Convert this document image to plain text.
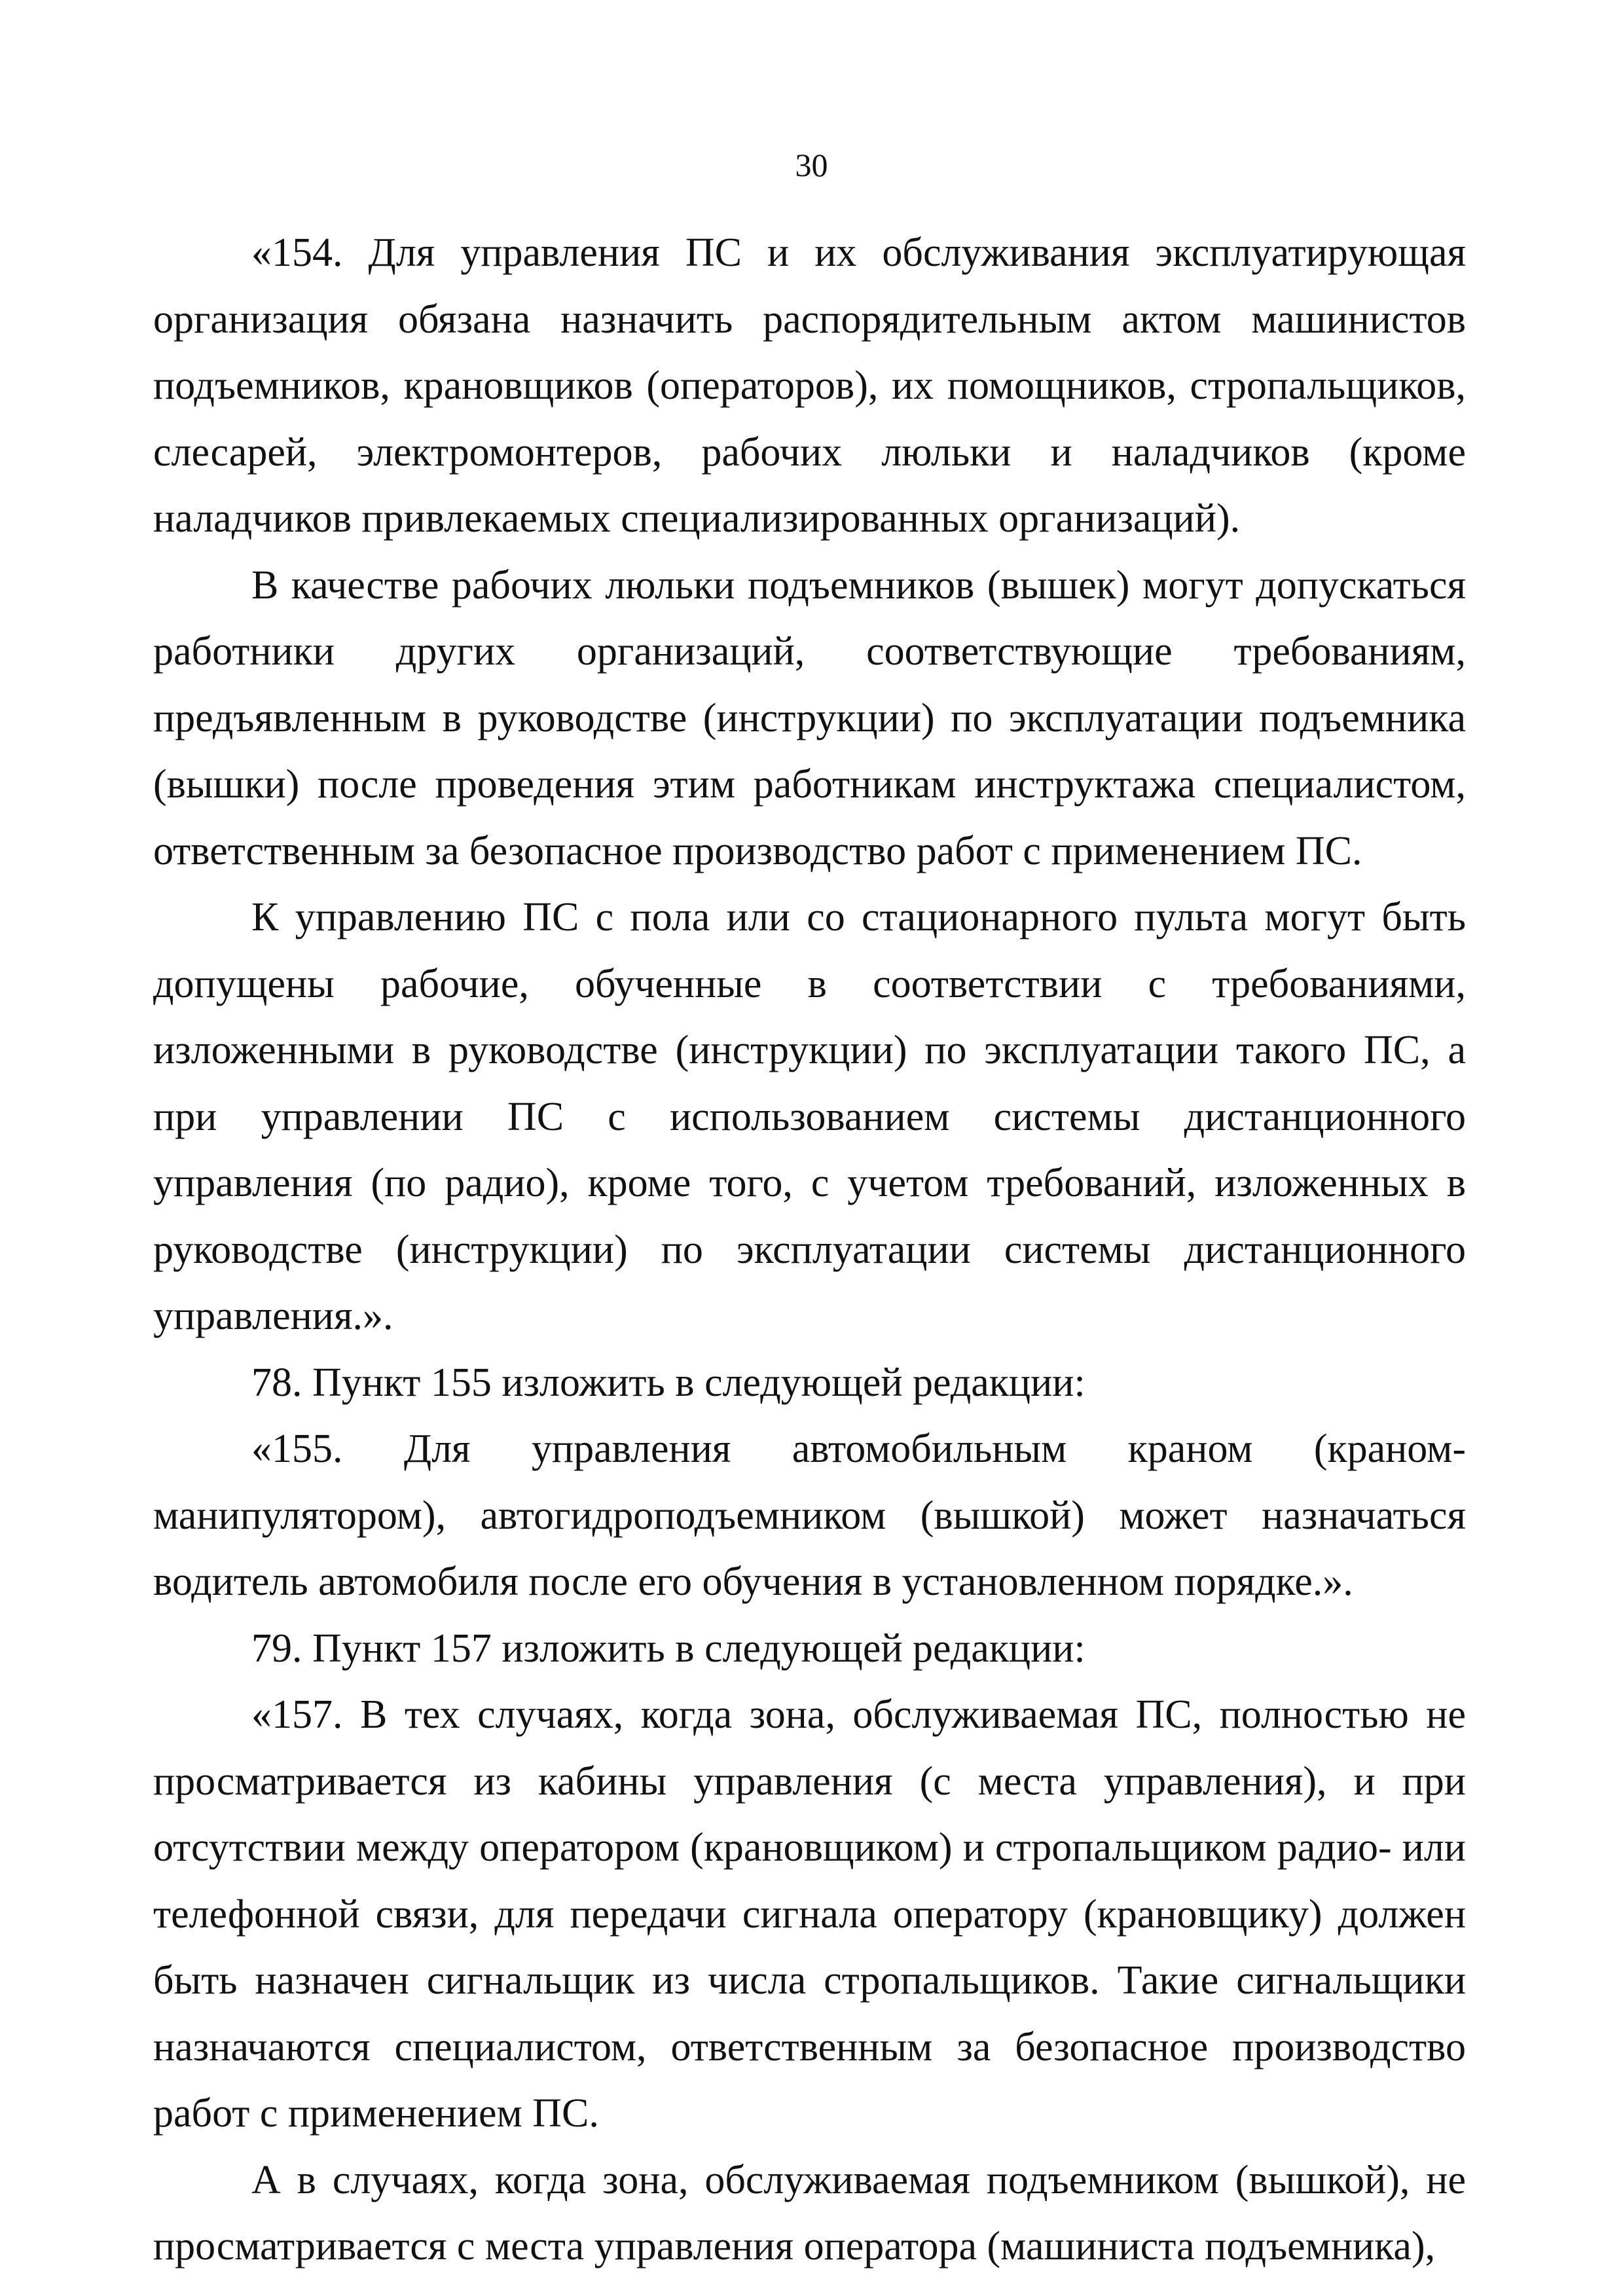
30

«154. Для управления ПС и их обслуживания эксплуатирующая организация обязана назначить распорядительным актом машинистов подъемников, крановщиков (операторов), их помощников, стропальщиков, слесарей, электромонтеров, рабочих люльки и наладчиков (кроме наладчиков привлекаемых специализированных организаций).

В качестве рабочих люльки подъемников (вышек) могут допускаться работники других организаций, соответствующие требованиям, предъявленным в руководстве (инструкции) по эксплуатации подъемника (вышки) после проведения этим работникам инструктажа специалистом, ответственным за безопасное производство работ с применением ПС.

К управлению ПС с пола или со стационарного пульта могут быть допущены рабочие, обученные в соответствии с требованиями, изложенными в руководстве (инструкции) по эксплуатации такого ПС, а при управлении ПС с использованием системы дистанционного управления (по радио), кроме того, с учетом требований, изложенных в руководстве (инструкции) по эксплуатации системы дистанционного управления.».

78. Пункт 155 изложить в следующей редакции:

«155. Для управления автомобильным краном (краном-манипулятором), автогидроподъемником (вышкой) может назначаться водитель автомобиля после его обучения в установленном порядке.».

79. Пункт 157 изложить в следующей редакции:

«157. В тех случаях, когда зона, обслуживаемая ПС, полностью не просматривается из кабины управления (с места управления), и при отсутствии между оператором (крановщиком) и стропальщиком радио- или телефонной связи, для передачи сигнала оператору (крановщику) должен быть назначен сигнальщик из числа стропальщиков. Такие сигнальщики назначаются специалистом, ответственным за безопасное производство работ с применением ПС.

А в случаях, когда зона, обслуживаемая подъемником (вышкой), не просматривается с места управления оператора (машиниста подъемника),
